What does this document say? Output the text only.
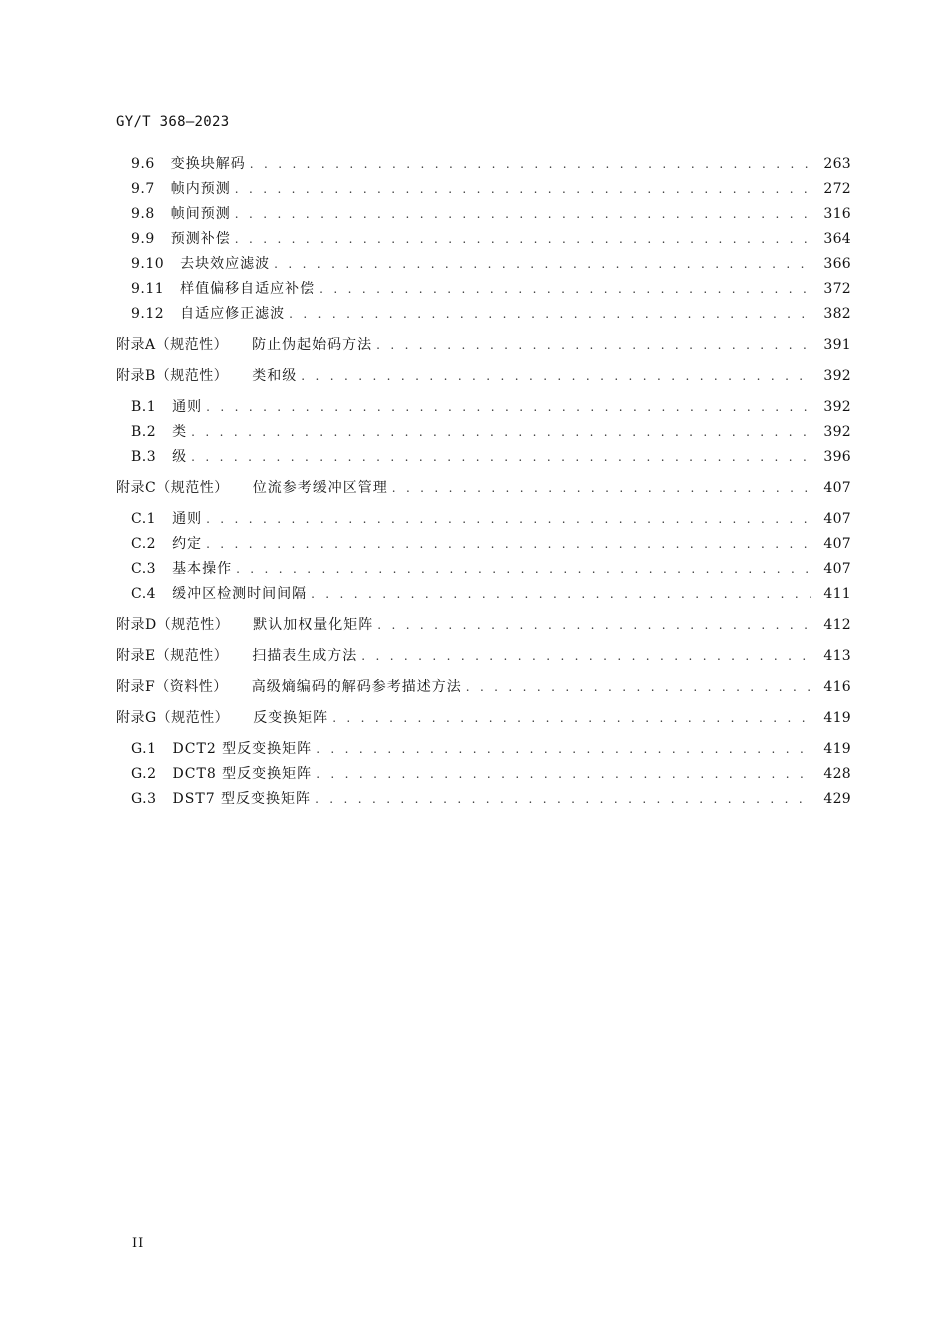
GY/T 368—2023
9.6 变换块解码 . . .	263
9.7 帧内预测 . . .	272
9.8 帧间预测 . . .	316
9.9 预测补偿 . . .	364
9.10 去块效应滤波 . . .	366
9.11 样值偏移自适应补偿 . . .	372
9.12 自适应修正滤波 . . .	382
附录A（规范性） 防止伪起始码方法 . . .	391
附录B（规范性） 类和级 . . .	392
B.1 通则 . . .	392
B.2 类 . . .	392
B.3 级 . . .	396
附录C（规范性） 位流参考缓冲区管理 . . .	407
C.1 通则 . . .	407
C.2 约定 . . .	407
C.3 基本操作 . . .	407
C.4 缓冲区检测时间间隔 . . .	411
附录D（规范性） 默认加权量化矩阵 . . .	412
附录E（规范性） 扫描表生成方法 . . .	413
附录F（资料性） 高级熵编码的解码参考描述方法 . . .	416
附录G（规范性） 反变换矩阵 . . .	419
G.1 DCT2 型反变换矩阵 . . .	419
G.2 DCT8 型反变换矩阵 . . .	428
G.3 DST7 型反变换矩阵 . . .	429
II
